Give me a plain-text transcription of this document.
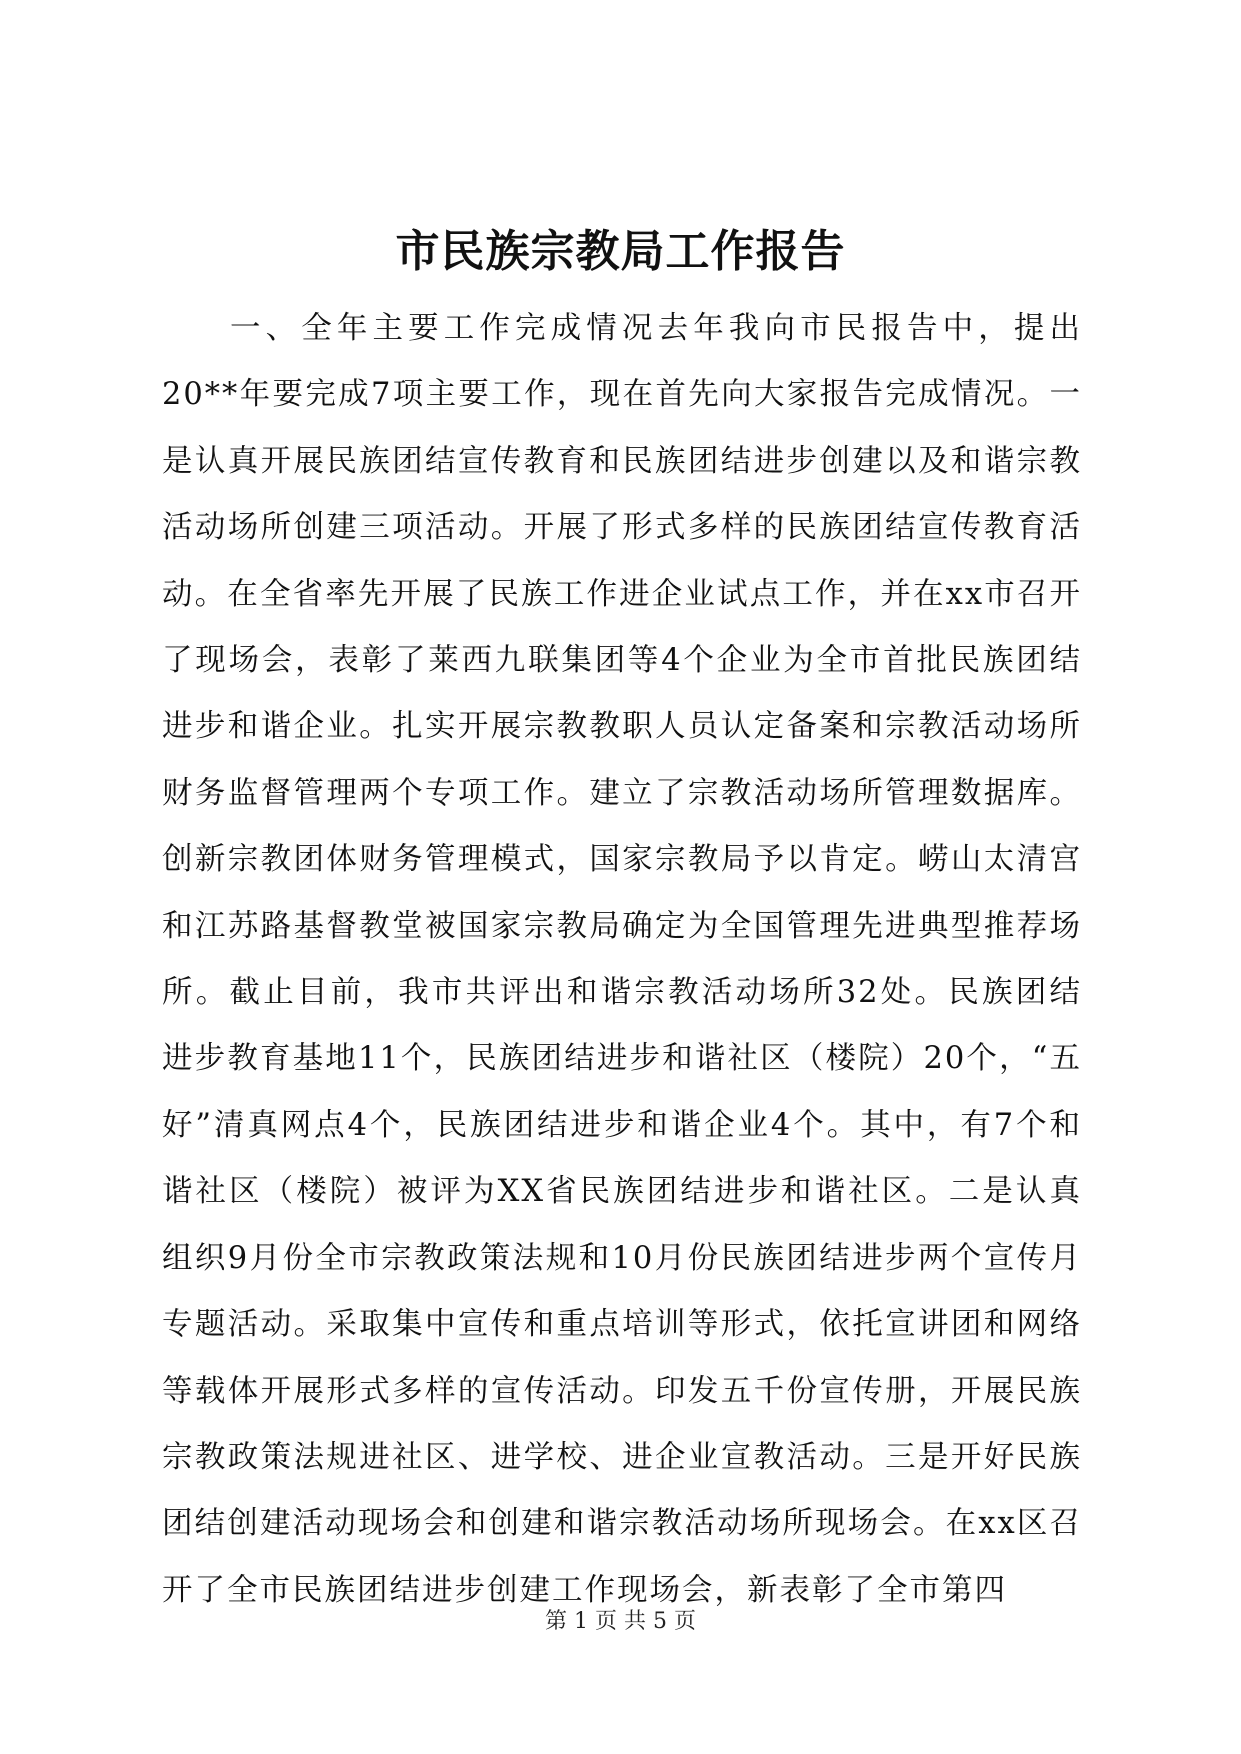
市民族宗教局工作报告

一、全年主要工作完成情况去年我向市民报告中，提出20**年要完成7项主要工作，现在首先向大家报告完成情况。一是认真开展民族团结宣传教育和民族团结进步创建以及和谐宗教活动场所创建三项活动。开展了形式多样的民族团结宣传教育活动。在全省率先开展了民族工作进企业试点工作，并在xx市召开了现场会，表彰了莱西九联集团等4个企业为全市首批民族团结进步和谐企业。扎实开展宗教教职人员认定备案和宗教活动场所财务监督管理两个专项工作。建立了宗教活动场所管理数据库。创新宗教团体财务管理模式，国家宗教局予以肯定。崂山太清宫和江苏路基督教堂被国家宗教局确定为全国管理先进典型推荐场所。截止目前，我市共评出和谐宗教活动场所32处。民族团结进步教育基地11个，民族团结进步和谐社区（楼院）20个，“五好”清真网点4个，民族团结进步和谐企业4个。其中，有7个和谐社区（楼院）被评为XX省民族团结进步和谐社区。二是认真组织9月份全市宗教政策法规和10月份民族团结进步两个宣传月专题活动。采取集中宣传和重点培训等形式，依托宣讲团和网络等载体开展形式多样的宣传活动。印发五千份宣传册，开展民族宗教政策法规进社区、进学校、进企业宣教活动。三是开好民族团结创建活动现场会和创建和谐宗教活动场所现场会。在xx区召开了全市民族团结进步创建工作现场会，新表彰了全市第四

第 1 页 共 5 页
